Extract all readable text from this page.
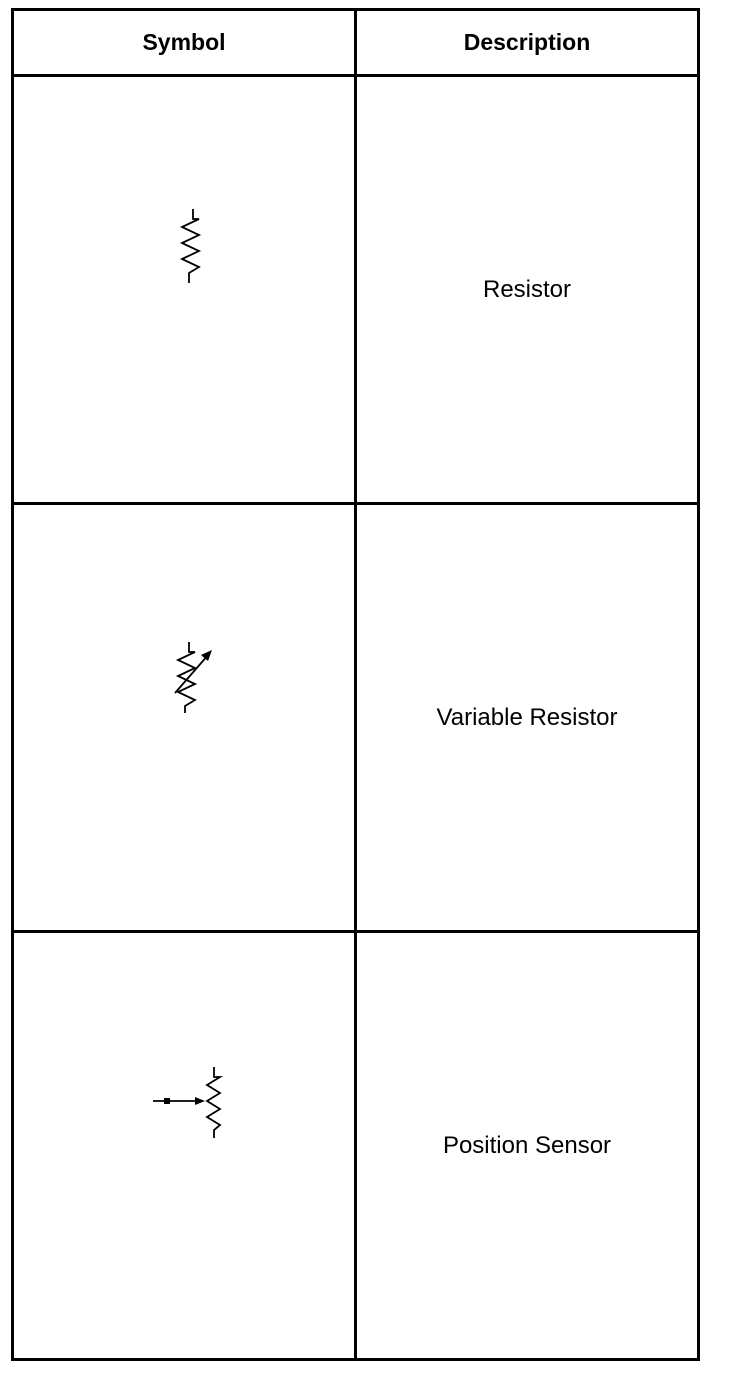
Symbol	Description

	Resistor

	Variable Resistor

	Position Sensor
